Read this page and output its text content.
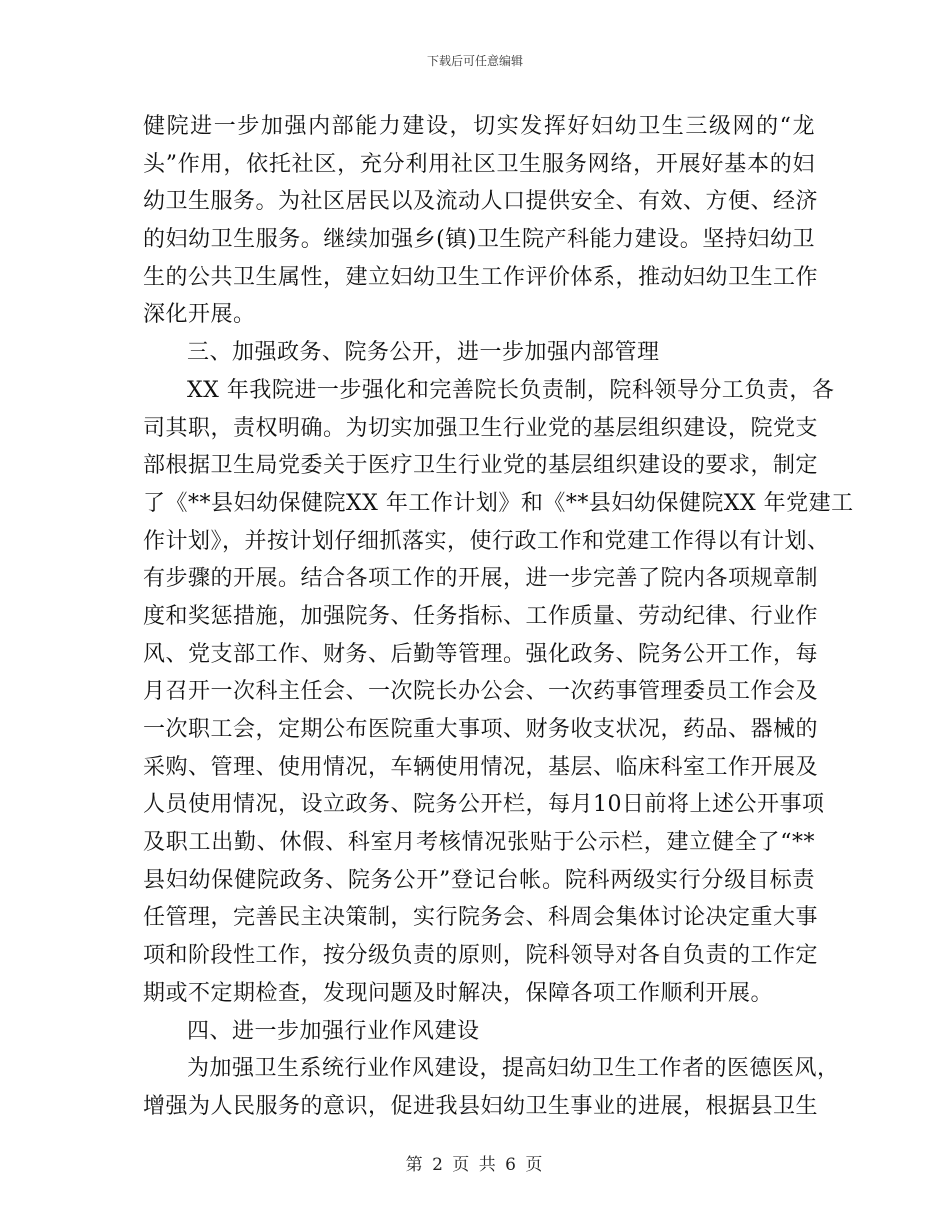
下载后可任意编辑
健院进一步加强内部能力建设，切实发挥好妇幼卫生三级网的“龙
头”作用，依托社区，充分利用社区卫生服务网络，开展好基本的妇
幼卫生服务。为社区居民以及流动人口提供安全、有效、方便、经济
的妇幼卫生服务。继续加强乡(镇)卫生院产科能力建设。坚持妇幼卫
生的公共卫生属性，建立妇幼卫生工作评价体系，推动妇幼卫生工作
深化开展。
三、加强政务、院务公开，进一步加强内部管理
XX 年我院进一步强化和完善院长负责制，院科领导分工负责，各
司其职，责权明确。为切实加强卫生行业党的基层组织建设，院党支
部根据卫生局党委关于医疗卫生行业党的基层组织建设的要求，制定
了《**县妇幼保健院XX 年工作计划》和《**县妇幼保健院XX 年党建工
作计划》，并按计划仔细抓落实，使行政工作和党建工作得以有计划、
有步骤的开展。结合各项工作的开展，进一步完善了院内各项规章制
度和奖惩措施，加强院务、任务指标、工作质量、劳动纪律、行业作
风、党支部工作、财务、后勤等管理。强化政务、院务公开工作，每
月召开一次科主任会、一次院长办公会、一次药事管理委员工作会及
一次职工会，定期公布医院重大事项、财务收支状况，药品、器械的
采购、管理、使用情况，车辆使用情况，基层、临床科室工作开展及
人员使用情况，设立政务、院务公开栏，每月10日前将上述公开事项
及职工出勤、休假、科室月考核情况张贴于公示栏，建立健全了“**
县妇幼保健院政务、院务公开”登记台帐。院科两级实行分级目标责
任管理，完善民主决策制，实行院务会、科周会集体讨论决定重大事
项和阶段性工作，按分级负责的原则，院科领导对各自负责的工作定
期或不定期检查，发现问题及时解决，保障各项工作顺利开展。
四、进一步加强行业作风建设
为加强卫生系统行业作风建设，提高妇幼卫生工作者的医德医风，
增强为人民服务的意识，促进我县妇幼卫生事业的进展，根据县卫生
第 2 页 共 6 页
